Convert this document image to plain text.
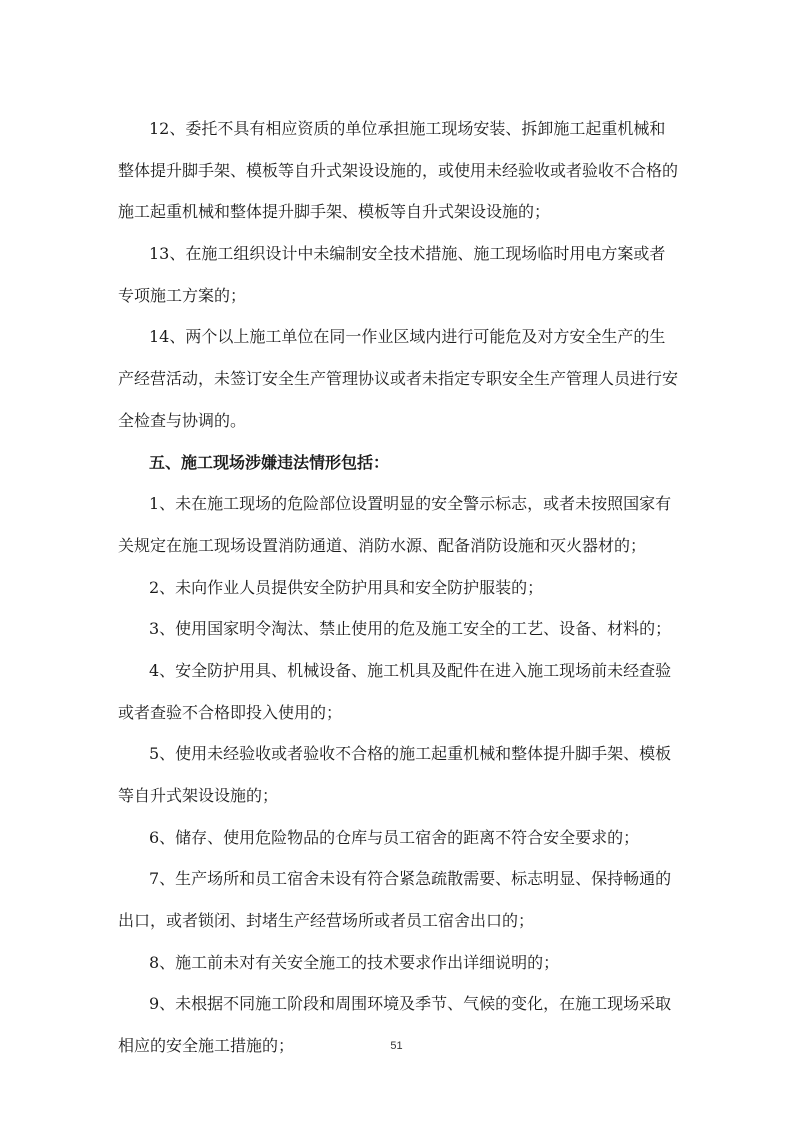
12、委托不具有相应资质的单位承担施工现场安装、拆卸施工起重机械和
整体提升脚手架、模板等自升式架设设施的，或使用未经验收或者验收不合格的
施工起重机械和整体提升脚手架、模板等自升式架设设施的；
13、在施工组织设计中未编制安全技术措施、施工现场临时用电方案或者
专项施工方案的；
14、两个以上施工单位在同一作业区域内进行可能危及对方安全生产的生
产经营活动，未签订安全生产管理协议或者未指定专职安全生产管理人员进行安
全检查与协调的。
五、施工现场涉嫌违法情形包括：
1、未在施工现场的危险部位设置明显的安全警示标志，或者未按照国家有
关规定在施工现场设置消防通道、消防水源、配备消防设施和灭火器材的；
2、未向作业人员提供安全防护用具和安全防护服装的；
3、使用国家明令淘汰、禁止使用的危及施工安全的工艺、设备、材料的；
4、安全防护用具、机械设备、施工机具及配件在进入施工现场前未经查验
或者查验不合格即投入使用的；
5、使用未经验收或者验收不合格的施工起重机械和整体提升脚手架、模板
等自升式架设设施的；
6、储存、使用危险物品的仓库与员工宿舍的距离不符合安全要求的；
7、生产场所和员工宿舍未设有符合紧急疏散需要、标志明显、保持畅通的
出口，或者锁闭、封堵生产经营场所或者员工宿舍出口的；
8、施工前未对有关安全施工的技术要求作出详细说明的；
9、未根据不同施工阶段和周围环境及季节、气候的变化，在施工现场采取
相应的安全施工措施的；	51
